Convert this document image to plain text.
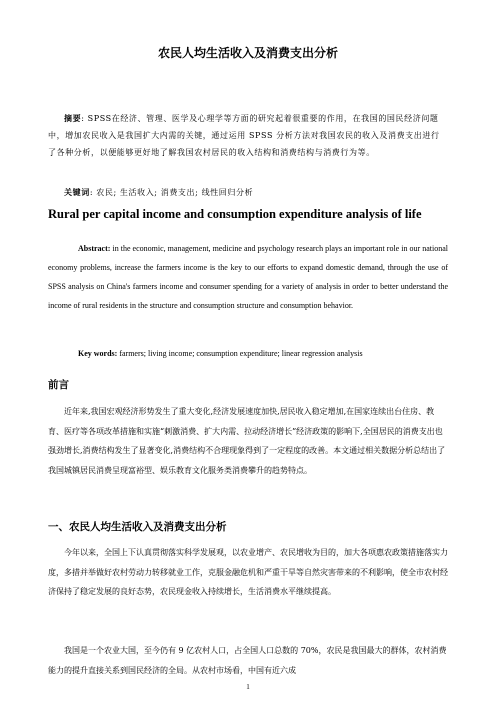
农民人均生活收入及消费支出分析

摘要: SPSS在经济、管理、医学及心理学等方面的研究起着很重要的作用，在我国的国民经济问题中，增加农民收入是我国扩大内需的关键，通过运用 SPSS 分析方法对我国农民的收入及消费支出进行了各种分析，以便能够更好地了解我国农村居民的收入结构和消费结构与消费行为等。

关键词: 农民; 生活收入; 消费支出; 线性回归分析
Rural per capital income and consumption expenditure analysis of life

Abstract: in the economic, management, medicine and psychology research plays an important role in our national economy problems, increase the farmers income is the key to our efforts to expand domestic demand, through the use of SPSS analysis on China's farmers income and consumer spending for a variety of analysis in order to better understand the income of rural residents in the structure and consumption structure and consumption behavior.

Key words: farmers; living income; consumption expenditure; linear regression analysis
前言

近年来,我国宏观经济形势发生了重大变化,经济发展速度加快,居民收入稳定增加,在国家连续出台住房、教育、医疗等各项改革措施和实施“刺激消费、扩大内需、拉动经济增长”经济政策的影响下,全国居民的消费支出也强劲增长,消费结构发生了显著变化,消费结构不合理现象得到了一定程度的改善。本文通过相关数据分析总结出了我国城镇居民消费呈现富裕型、娱乐教育文化服务类消费攀升的趋势特点。

一、农民人均生活收入及消费支出分析

今年以来，全国上下认真贯彻落实科学发展观，以农业增产、农民增收为目的，加大各项惠农政策措施落实力度，多措并举做好农村劳动力转移就业工作，克服金融危机和严重干旱等自然灾害带来的不利影响，使全市农村经济保持了稳定发展的良好态势，农民现金收入持续增长，生活消费水平继续提高。

我国是一个农业大国，至今仍有 9 亿农村人口，占全国人口总数的 70%，农民是我国最大的群体，农村消费能力的提升直接关系到国民经济的全局。从农村市场看，中国有近六成

1
